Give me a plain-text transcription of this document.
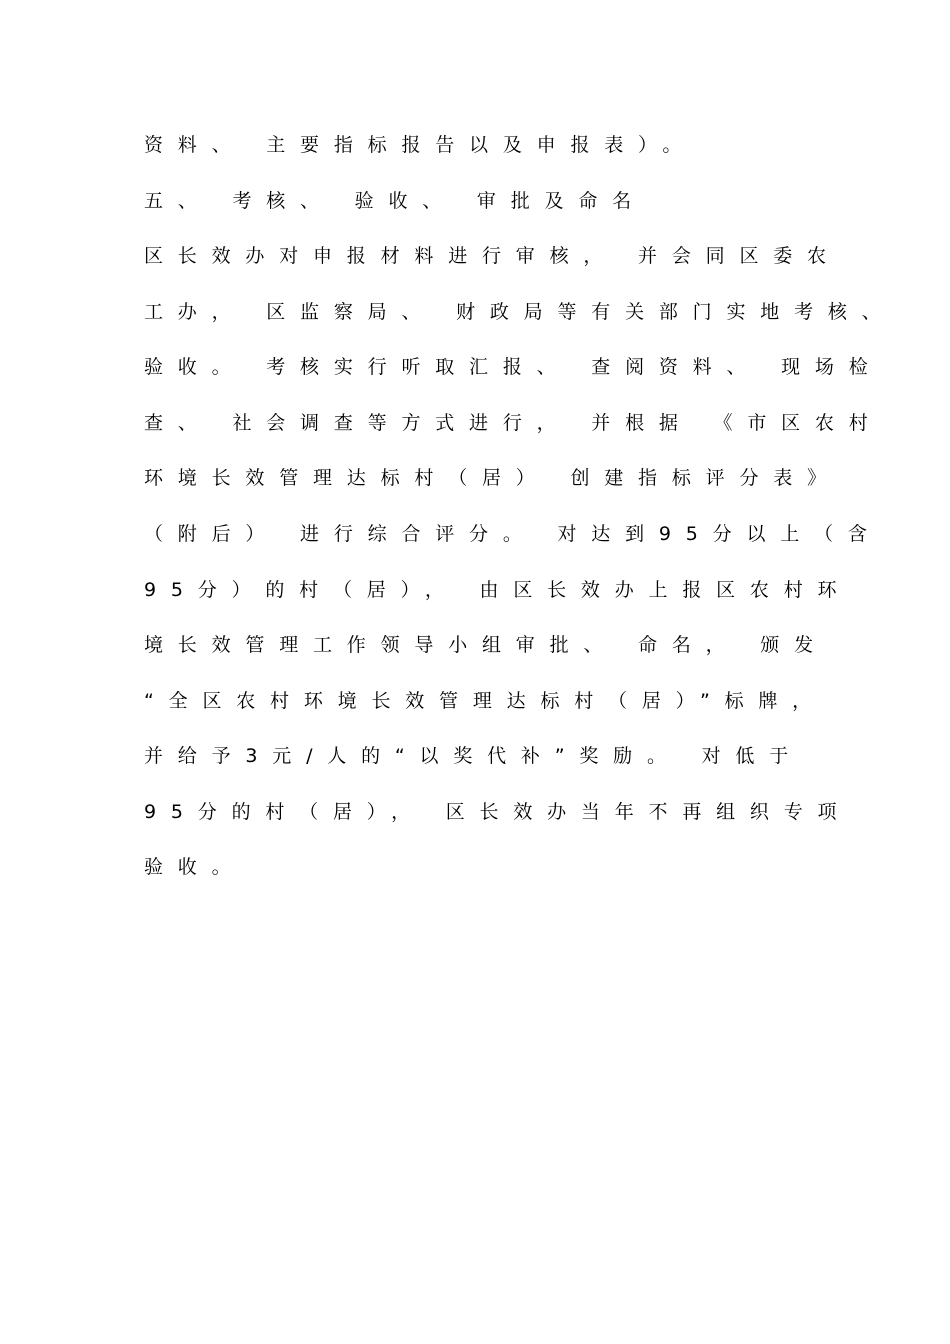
资料、 主要指标报告以及申报表）。
五、 考核、 验收、 审批及命名
区长效办对申报材料进行审核， 并会同区委农
工办， 区监察局、 财政局等有关部门实地考核、
验收。 考核实行听取汇报、 查阅资料、 现场检
查、 社会调查等方式进行， 并根据 《市区农村
环境长效管理达标村（居） 创建指标评分表》
（附后） 进行综合评分。 对达到95分以上（含
95分）的村（居）， 由区长效办上报区农村环
境长效管理工作领导小组审批、 命名， 颁发
“全区农村环境长效管理达标村（居）”标牌，
并给予3元/人的“以奖代补”奖励。 对低于
95分的村（居）， 区长效办当年不再组织专项
验收。
